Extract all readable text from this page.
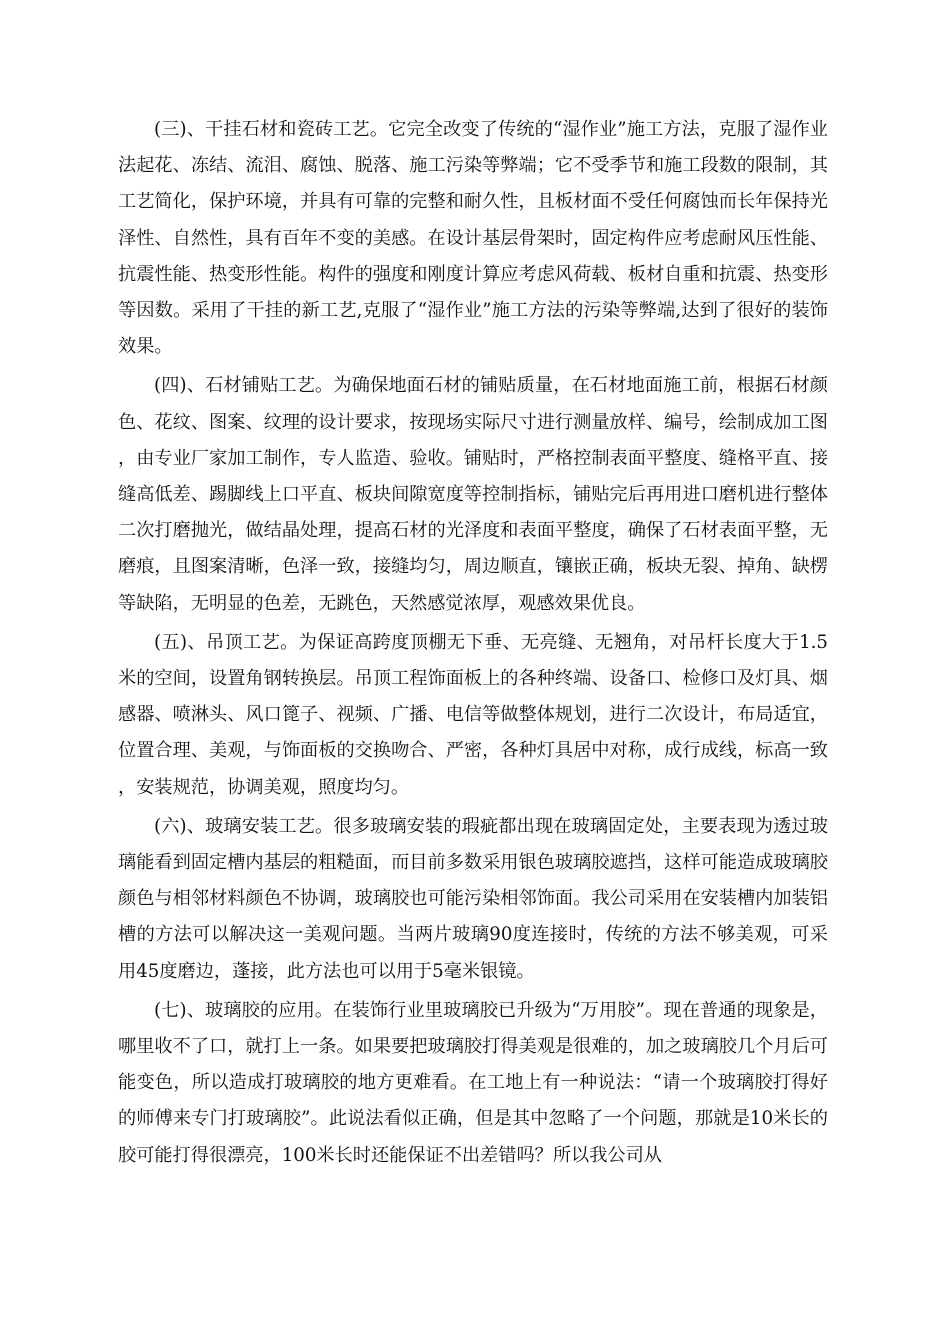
(三)、干挂石材和瓷砖工艺。它完全改变了传统的“湿作业”施工方法，克服了湿作业法起花、冻结、流泪、腐蚀、脱落、施工污染等弊端；它不受季节和施工段数的限制，其工艺简化，保护环境，并具有可靠的完整和耐久性，且板材面不受任何腐蚀而长年保持光泽性、自然性，具有百年不变的美感。在设计基层骨架时，固定构件应考虑耐风压性能、抗震性能、热变形性能。构件的强度和刚度计算应考虑风荷载、板材自重和抗震、热变形等因数。采用了干挂的新工艺,克服了“湿作业”施工方法的污染等弊端,达到了很好的装饰效果。

(四)、石材铺贴工艺。为确保地面石材的铺贴质量，在石材地面施工前，根据石材颜色、花纹、图案、纹理的设计要求，按现场实际尺寸进行测量放样、编号，绘制成加工图，由专业厂家加工制作，专人监造、验收。铺贴时，严格控制表面平整度、缝格平直、接缝高低差、踢脚线上口平直、板块间隙宽度等控制指标，铺贴完后再用进口磨机进行整体二次打磨抛光，做结晶处理，提高石材的光泽度和表面平整度，确保了石材表面平整，无磨痕，且图案清晰，色泽一致，接缝均匀，周边顺直，镶嵌正确，板块无裂、掉角、缺楞等缺陷，无明显的色差，无跳色，天然感觉浓厚，观感效果优良。

(五)、吊顶工艺。为保证高跨度顶棚无下垂、无亮缝、无翘角，对吊杆长度大于1.5米的空间，设置角钢转换层。吊顶工程饰面板上的各种终端、设备口、检修口及灯具、烟感器、喷淋头、风口篦子、视频、广播、电信等做整体规划，进行二次设计，布局适宜，位置合理、美观，与饰面板的交换吻合、严密，各种灯具居中对称，成行成线，标高一致，安装规范，协调美观，照度均匀。

(六)、玻璃安装工艺。很多玻璃安装的瑕疵都出现在玻璃固定处，主要表现为透过玻璃能看到固定槽内基层的粗糙面，而目前多数采用银色玻璃胶遮挡，这样可能造成玻璃胶颜色与相邻材料颜色不协调，玻璃胶也可能污染相邻饰面。我公司采用在安装槽内加装铝槽的方法可以解决这一美观问题。当两片玻璃90度连接时，传统的方法不够美观，可采用45度磨边，蓬接，此方法也可以用于5毫米银镜。

(七)、玻璃胶的应用。在装饰行业里玻璃胶已升级为“万用胶”。现在普通的现象是，哪里收不了口，就打上一条。如果要把玻璃胶打得美观是很难的，加之玻璃胶几个月后可能变色，所以造成打玻璃胶的地方更难看。在工地上有一种说法：“请一个玻璃胶打得好的师傅来专门打玻璃胶”。此说法看似正确，但是其中忽略了一个问题，那就是10米长的胶可能打得很漂亮，100米长时还能保证不出差错吗？所以我公司从
